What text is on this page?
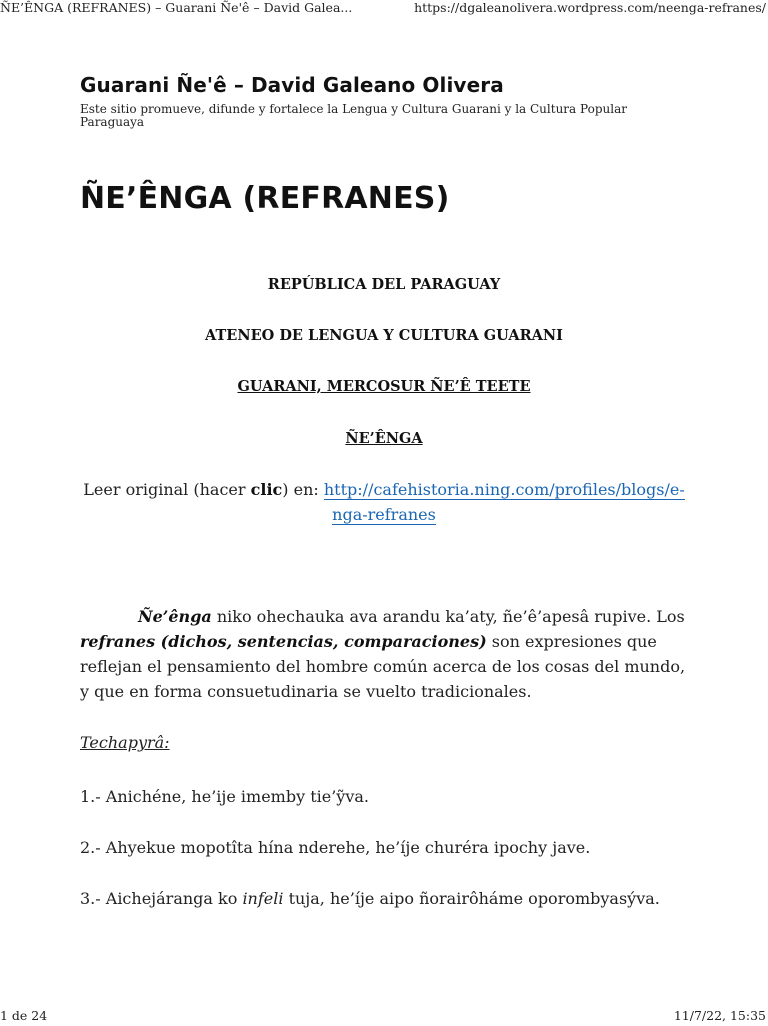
ÑE’ÊNGA (REFRANES) – Guarani Ñe'ê – David Galea...	https://dgaleanolivera.wordpress.com/neenga-refranes/
Guarani Ñe'ê – David Galeano Olivera

Este sitio promueve, difunde y fortalece la Lengua y Cultura Guarani y la Cultura Popular Paraguaya

ÑE’ÊNGA (REFRANES)

REPÚBLICA DEL PARAGUAY

ATENEO DE LENGUA Y CULTURA GUARANI

GUARANI, MERCOSUR ÑE’Ê TEETE

ÑE’ÊNGA

Leer original (hacer clic) en: http://cafehistoria.ning.com/profiles/blogs/e-
nga-refranes

Ñe’ênga niko ohechauka ava arandu ka’aty, ñe’ê’apesâ rupive. Los refranes (dichos, sentencias, comparaciones) son expresiones que reflejan el pensamiento del hombre común acerca de los cosas del mundo, y que en forma consuetudinaria se vuelto tradicionales.

Techapyrâ:

1.- Anichéne, he’ije imemby tie’ỹva.

2.- Ahyekue mopotîta hína nderehe, he’íje churéra ipochy jave.

3.- Aichejáranga ko infeli tuja, he’íje aipo ñorairôháme oporombyasýva.

1 de 24	11/7/22, 15:35
